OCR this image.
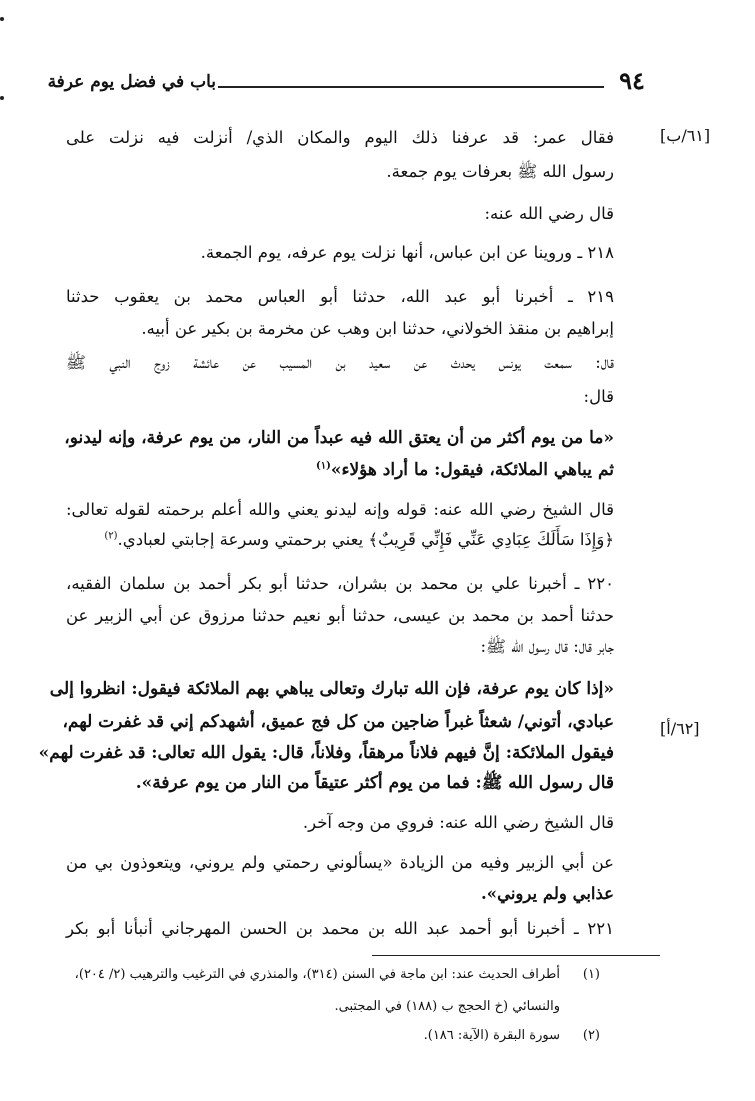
٩٤
باب في فضل يوم عرفة
[٦١/ب]
[٦٢/أ]
فقال عمر: قد عرفنا ذلك اليوم والمكان الذي/ أنزلت فيه نزلت على
رسول الله ﷺ بعرفات يوم جمعة.
قال رضي الله عنه:
٢١٨ ـ وروينا عن ابن عباس، أنها نزلت يوم عرفه، يوم الجمعة.
٢١٩ ـ أخبرنا أبو عبد الله، حدثنا أبو العباس محمد بن يعقوب حدثنا
إبراهيم بن منقذ الخولاني، حدثنا ابن وهب عن مخرمة بن بكير عن أبيه.
قال: سمعت يونس يحدث عن سعيد بن المسيب عن عائشة زوج النبي ﷺ
قال:
«ما من يوم أكثر من أن يعتق الله فيه عبداً من النار، من يوم عرفة، وإنه ليدنو،
ثم يباهي الملائكة، فيقول: ما أراد هؤلاء»$^{(١)}$
قال الشيخ رضي الله عنه: قوله وإنه ليدنو يعني والله أعلم برحمته لقوله تعالى:
﴿وَإِذَا سَأَلَكَ عِبَادِي عَنِّي فَإِنِّي قَرِيبٌ﴾ يعني برحمتي وسرعة إجابتي لعبادي.$^{(٢)}$
٢٢٠ ـ أخبرنا علي بن محمد بن بشران، حدثنا أبو بكر أحمد بن سلمان الفقيه،
حدثنا أحمد بن محمد بن عيسى، حدثنا أبو نعيم حدثنا مرزوق عن أبي الزبير عن
جابر قال: قال رسول الله ﷺ:
«إذا كان يوم عرفة، فإن الله تبارك وتعالى يباهي بهم الملائكة فيقول: انظروا إلى
عبادي، أتوني/ شعثاً غبراً ضاجين من كل فج عميق، أشهدكم إني قد غفرت لهم،
فيقول الملائكة: إنَّ فيهم فلاناً مرهقاً، وفلاناً، قال: يقول الله تعالى: قد غفرت لهم»
قال رسول الله ﷺ: فما من يوم أكثر عتيقاً من النار من يوم عرفة».
قال الشيخ رضي الله عنه: فروي من وجه آخر.
عن أبي الزبير وفيه من الزيادة «يسألوني رحمتي ولم يروني، ويتعوذون بي من
عذابي ولم يروني».
٢٢١ ـ أخبرنا أبو أحمد عبد الله بن محمد بن الحسن المهرجاني أنبأنا أبو بكر
(١)
أطراف الحديث عند: ابن ماجة في السنن (٣١٤)، والمنذري في الترغيب والترهيب (٢/ ٢٠٤)،
والنسائي (خ الحجج ب (١٨٨) في المجتبى.
(٢)
سورة البقرة (الآية: ١٨٦).
